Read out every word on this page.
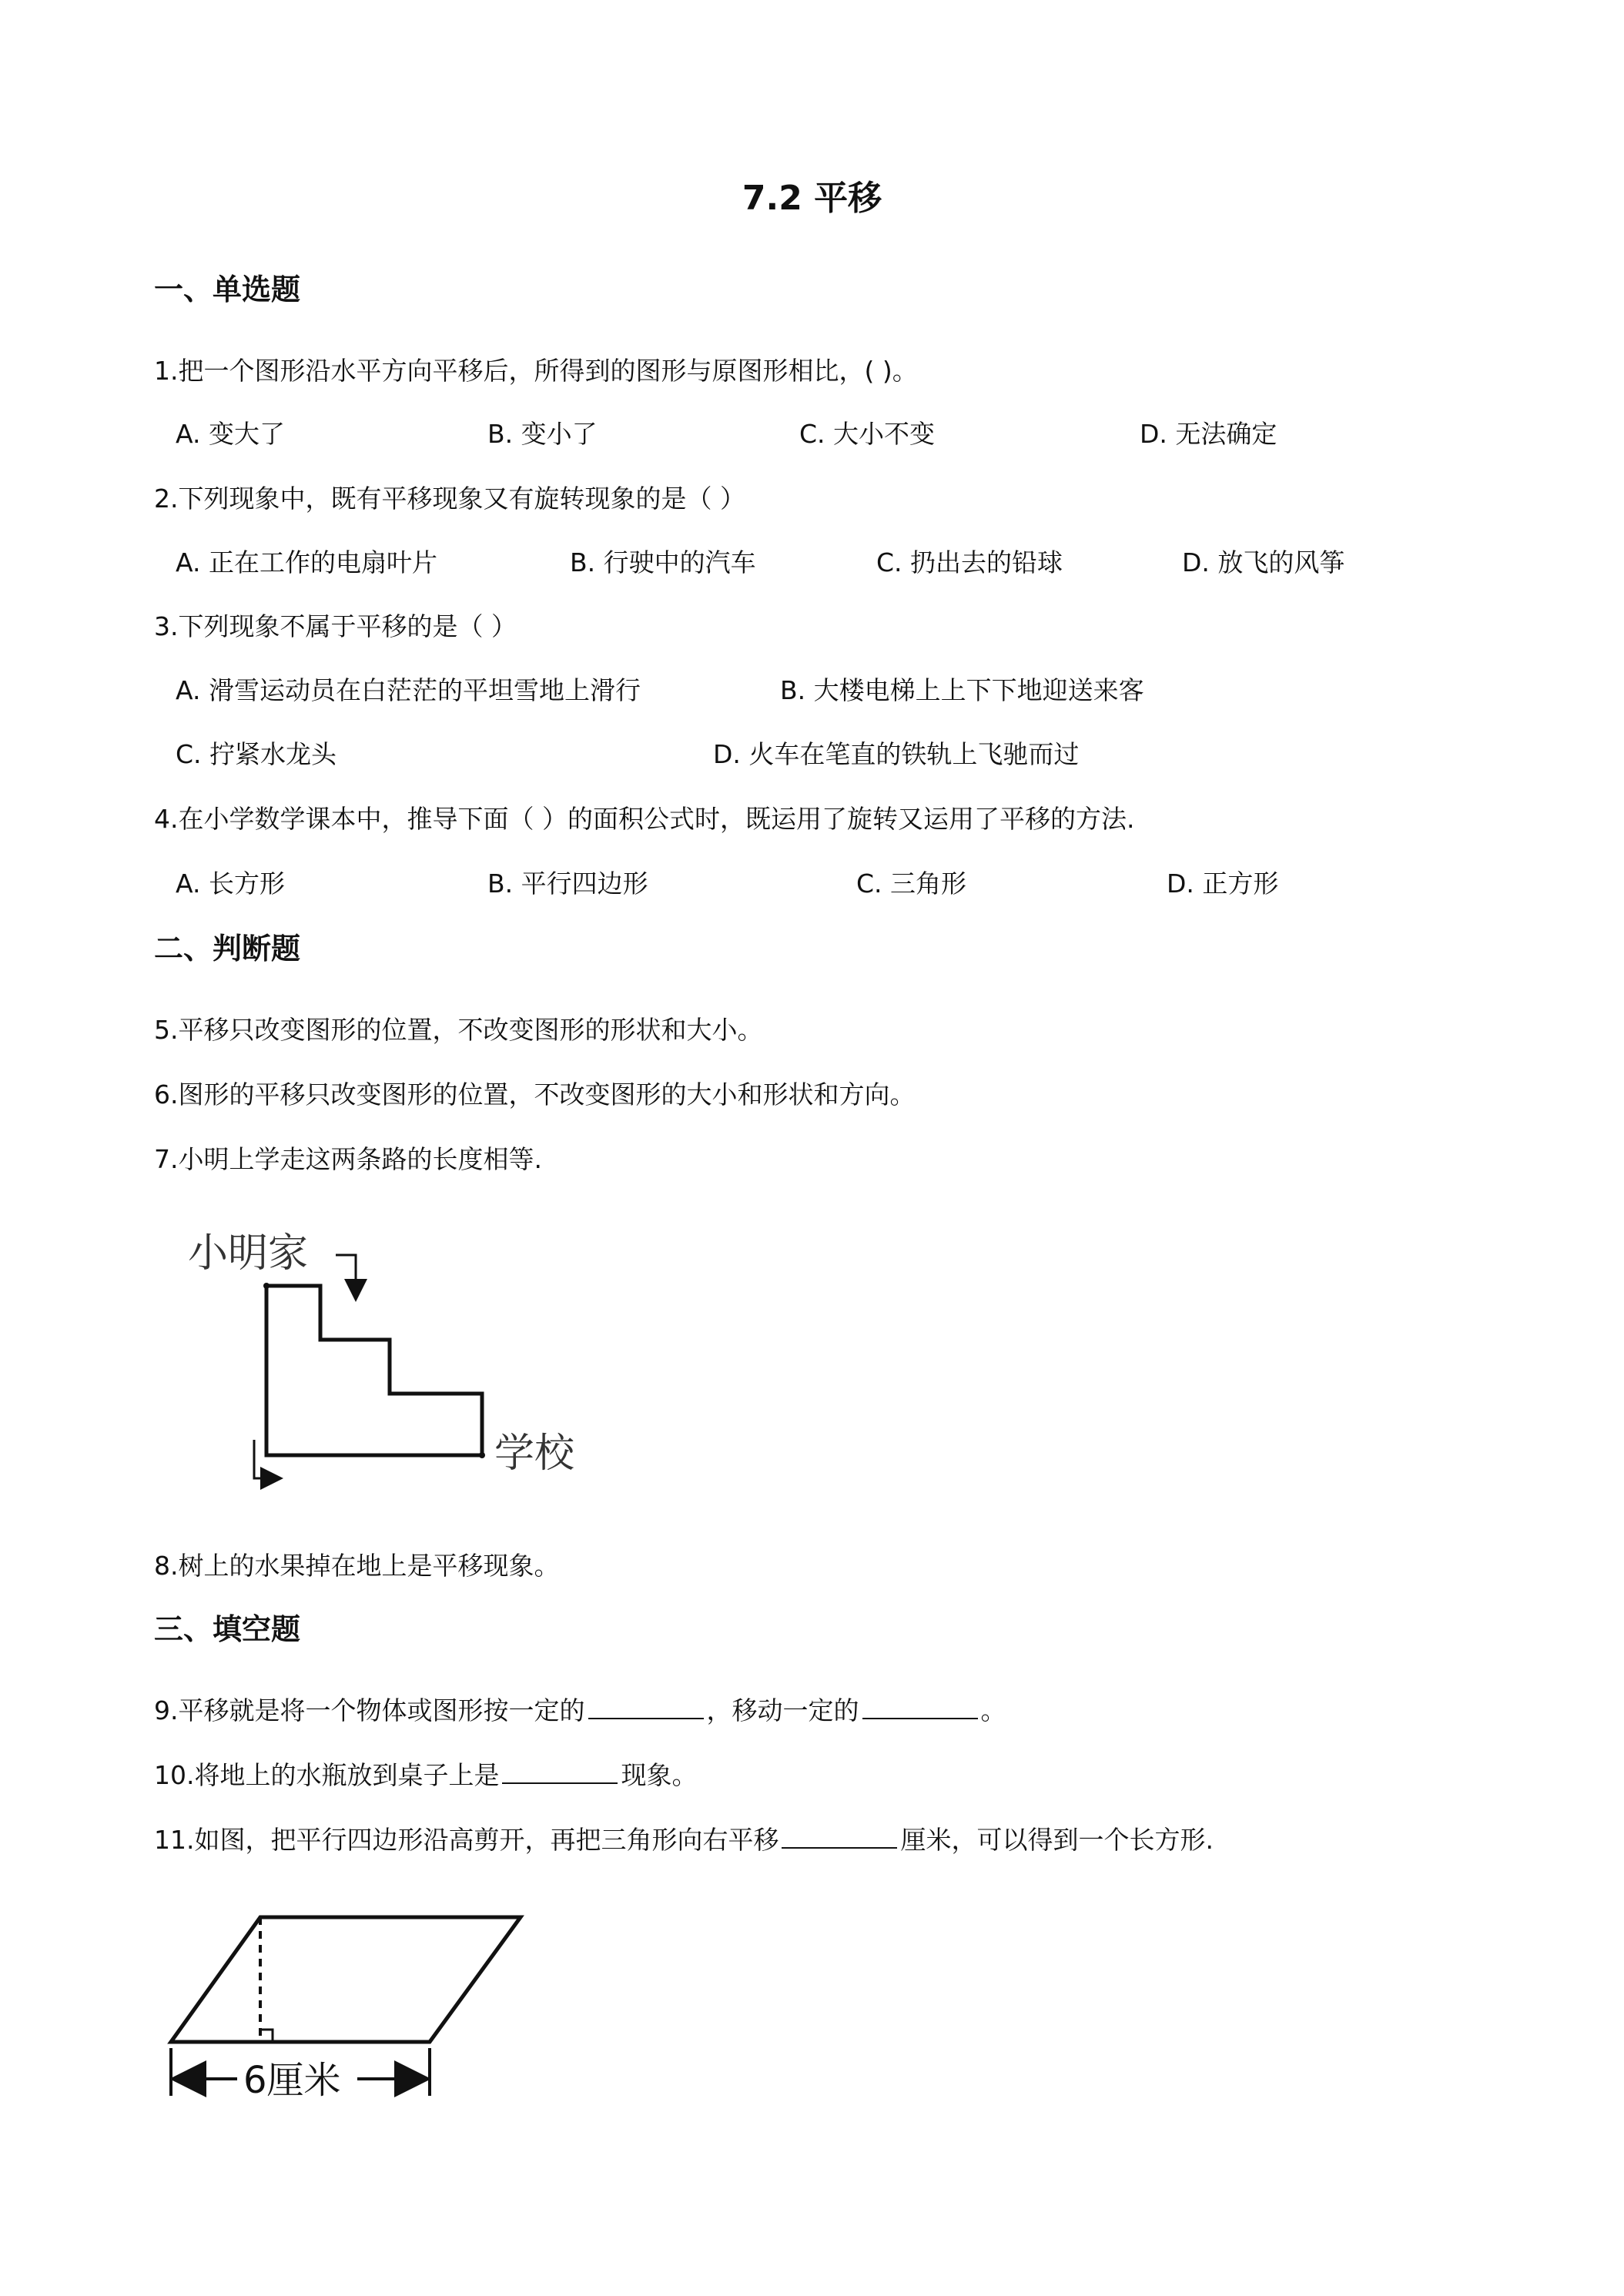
7.2 平移
一、单选题
1.把一个图形沿水平方向平移后，所得到的图形与原图形相比，( )。
A. 变大了	B. 变小了	C. 大小不变	D. 无法确定
2.下列现象中，既有平移现象又有旋转现象的是（ ）
A. 正在工作的电扇叶片	B. 行驶中的汽车	C. 扔出去的铅球	D. 放飞的风筝
3.下列现象不属于平移的是（ ）
A. 滑雪运动员在白茫茫的平坦雪地上滑行	B. 大楼电梯上上下下地迎送来客
C. 拧紧水龙头	D. 火车在笔直的铁轨上飞驰而过
4.在小学数学课本中，推导下面（ ）的面积公式时，既运用了旋转又运用了平移的方法.
A. 长方形	B. 平行四边形	C. 三角形	D. 正方形
二、判断题
5.平移只改变图形的位置，不改变图形的形状和大小。
6.图形的平移只改变图形的位置，不改变图形的大小和形状和方向。
7.小明上学走这两条路的长度相等.
小明家
学校
8.树上的水果掉在地上是平移现象。
三、填空题
9.平移就是将一个物体或图形按一定的	，移动一定的	。
10.将地上的水瓶放到桌子上是	现象。
11.如图，把平行四边形沿高剪开，再把三角形向右平移	厘米，可以得到一个长方形.
6厘米
